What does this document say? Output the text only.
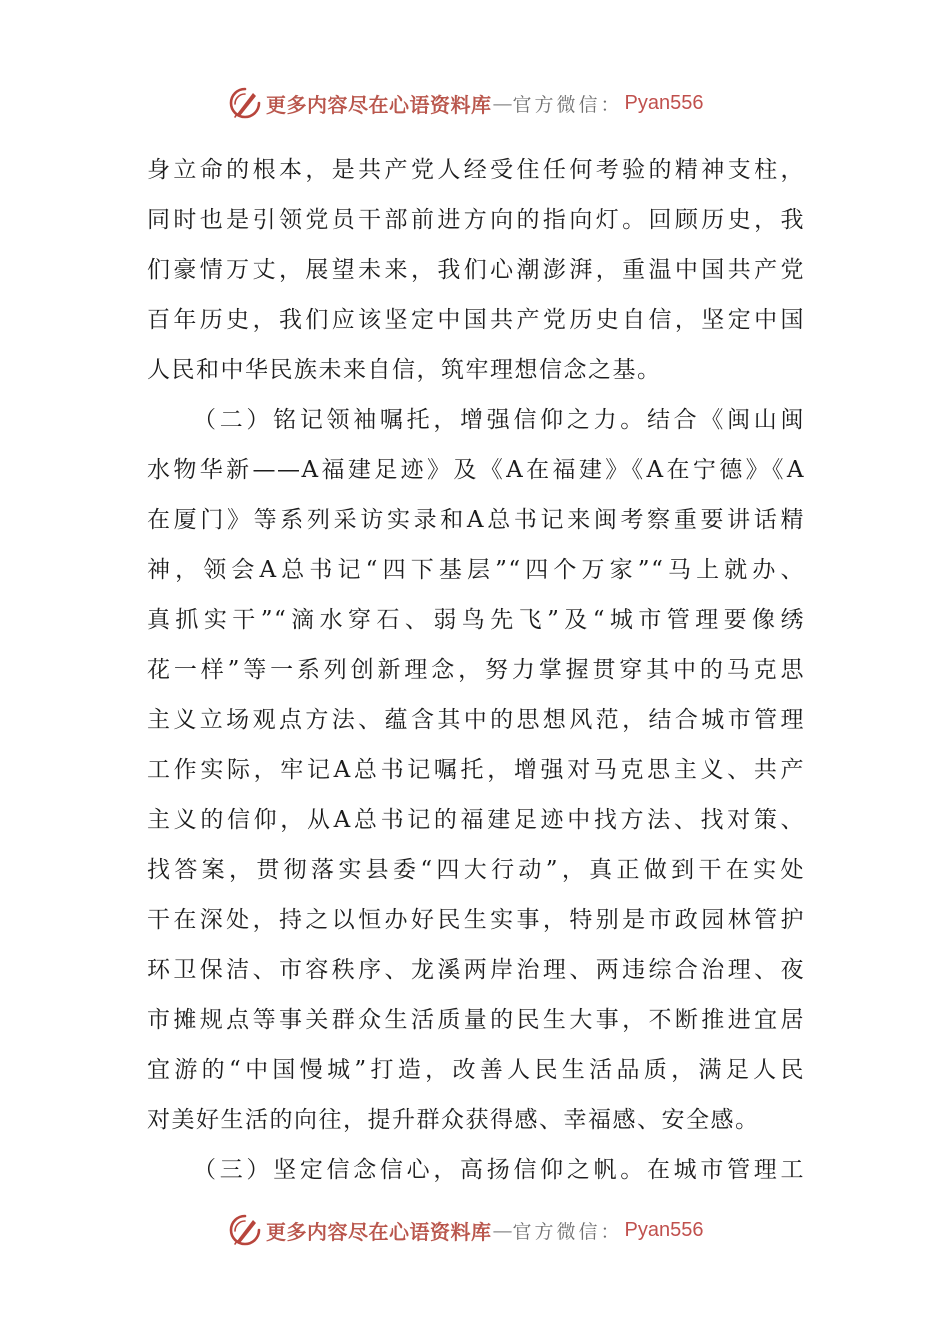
更多内容尽在心语资料库 — 官方微信： Pyan556
身立命的根本，是共产党人经受住任何考验的精神支柱，
同时也是引领党员干部前进方向的指向灯。回顾历史，我
们豪情万丈，展望未来，我们心潮澎湃，重温中国共产党
百年历史，我们应该坚定中国共产党历史自信，坚定中国
人民和中华民族未来自信，筑牢理想信念之基。
（二）铭记领袖嘱托，增强信仰之力。结合《闽山闽
水物华新——A福建足迹》及《A在福建》《A在宁德》《A
在厦门》等系列采访实录和A总书记来闽考察重要讲话精
神，领会A总书记“四下基层”“四个万家”“马上就办、
真抓实干”“滴水穿石、弱鸟先飞”及“城市管理要像绣
花一样”等一系列创新理念，努力掌握贯穿其中的马克思
主义立场观点方法、蕴含其中的思想风范，结合城市管理
工作实际，牢记A总书记嘱托，增强对马克思主义、共产
主义的信仰，从A总书记的福建足迹中找方法、找对策、
找答案，贯彻落实县委“四大行动”，真正做到干在实处
干在深处，持之以恒办好民生实事，特别是市政园林管护
环卫保洁、市容秩序、龙溪两岸治理、两违综合治理、夜
市摊规点等事关群众生活质量的民生大事，不断推进宜居
宜游的“中国慢城”打造，改善人民生活品质，满足人民
对美好生活的向往，提升群众获得感、幸福感、安全感。
（三）坚定信念信心，高扬信仰之帆。在城市管理工
更多内容尽在心语资料库 — 官方微信： Pyan556
